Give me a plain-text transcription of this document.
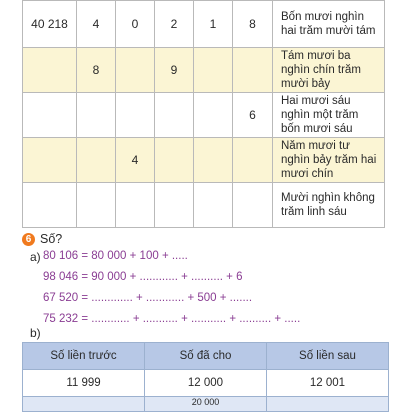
40 218	4	0	2	1	8	Bốn mươi nghìn hai trăm mười tám
	8		9			Tám mươi ba nghìn chín trăm mười bảy
					6	Hai mươi sáu nghìn một trăm bốn mươi sáu
		4				Năm mươi tư nghìn bảy trăm hai mươi chín
						Mười nghìn không trăm linh sáu
6 Số?
a) 80 106 = 80 000 + 100 + .....
98 046 = 90 000 + ............ + .......... + 6
67 520 = ............. + ............ + 500 + .......
75 232 = ............ + ........... + ........... + .......... + .....
b)
Số liền trước	Số đã cho	Số liền sau
11 999	12 000	12 001
	20 000	
